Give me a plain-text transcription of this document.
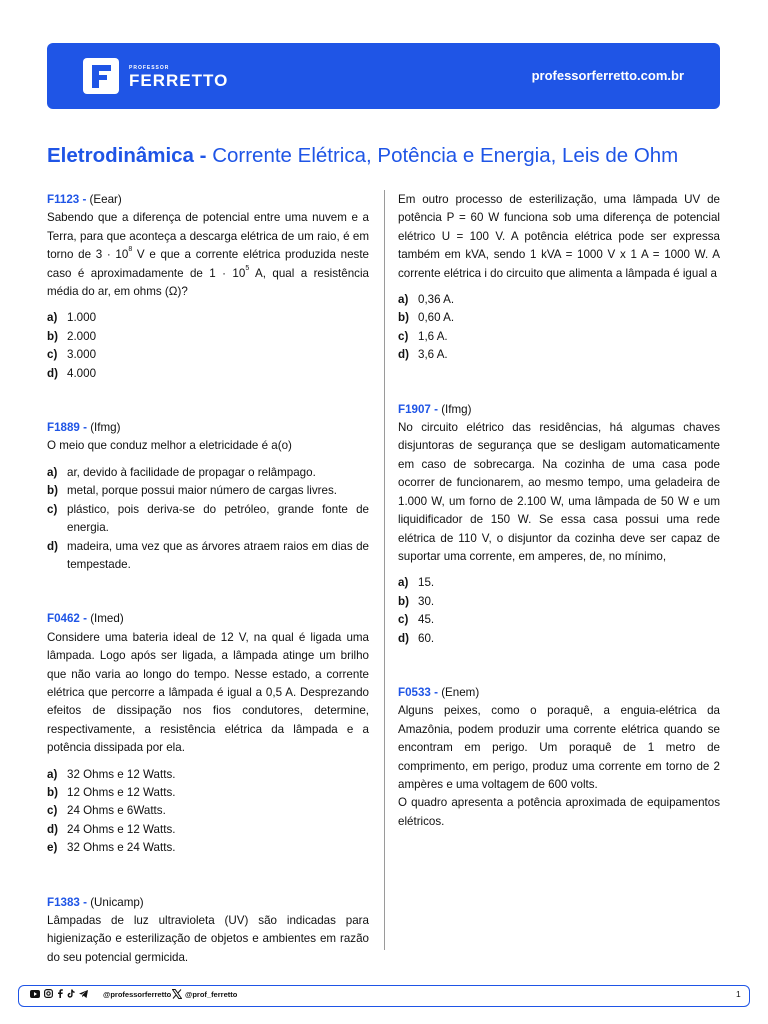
PROFESSOR
FERRETTO	professorferretto.com.br
Eletrodinâmica - Corrente Elétrica, Potência e Energia, Leis de Ohm
F1123 - (Eear)
Sabendo que a diferença de potencial entre uma nuvem e a Terra, para que aconteça a descarga elétrica de um raio, é em torno de $3 \cdot 10^8$ V e que a corrente elétrica produzida neste caso é aproximadamente de $1 \cdot 10^5$ A, qual a resistência média do ar, em ohms (Ω)?
a) 1.000
b) 2.000
c) 3.000
d) 4.000
F1889 - (Ifmg)
O meio que conduz melhor a eletricidade é a(o)
a) ar, devido à facilidade de propagar o relâmpago.
b) metal, porque possui maior número de cargas livres.
c) plástico, pois deriva-se do petróleo, grande fonte de energia.
d) madeira, uma vez que as árvores atraem raios em dias de tempestade.
F0462 - (Imed)
Considere uma bateria ideal de 12 V, na qual é ligada uma lâmpada. Logo após ser ligada, a lâmpada atinge um brilho que não varia ao longo do tempo. Nesse estado, a corrente elétrica que percorre a lâmpada é igual a 0,5 A. Desprezando efeitos de dissipação nos fios condutores, determine, respectivamente, a resistência elétrica da lâmpada e a potência dissipada por ela.
a) 32 Ohms e 12 Watts.
b) 12 Ohms e 12 Watts.
c) 24 Ohms e 6Watts.
d) 24 Ohms e 12 Watts.
e) 32 Ohms e 24 Watts.
F1383 - (Unicamp)
Lâmpadas de luz ultravioleta (UV) são indicadas para higienização e esterilização de objetos e ambientes em razão do seu potencial germicida.
Em outro processo de esterilização, uma lâmpada UV de potência P = 60 W funciona sob uma diferença de potencial elétrico U = 100 V. A potência elétrica pode ser expressa também em kVA, sendo 1 kVA = 1000 V x 1 A = 1000 W. A corrente elétrica i do circuito que alimenta a lâmpada é igual a
a) 0,36 A.
b) 0,60 A.
c) 1,6 A.
d) 3,6 A.
F1907 - (Ifmg)
No circuito elétrico das residências, há algumas chaves disjuntoras de segurança que se desligam automaticamente em caso de sobrecarga. Na cozinha de uma casa pode ocorrer de funcionarem, ao mesmo tempo, uma geladeira de 1.000 W, um forno de 2.100 W, uma lâmpada de 50 W e um liquidificador de 150 W. Se essa casa possui uma rede elétrica de 110 V, o disjuntor da cozinha deve ser capaz de suportar uma corrente, em amperes, de, no mínimo,
a) 15.
b) 30.
c) 45.
d) 60.
F0533 - (Enem)

Alguns peixes, como o poraquê, a enguia-elétrica da Amazônia, podem produzir uma corrente elétrica quando se encontram em perigo. Um poraquê de 1 metro de comprimento, em perigo, produz uma corrente em torno de 2 ampères e uma voltagem de 600 volts.

O quadro apresenta a potência aproximada de equipamentos elétricos.

@professorferretto @prof_ferretto	1
